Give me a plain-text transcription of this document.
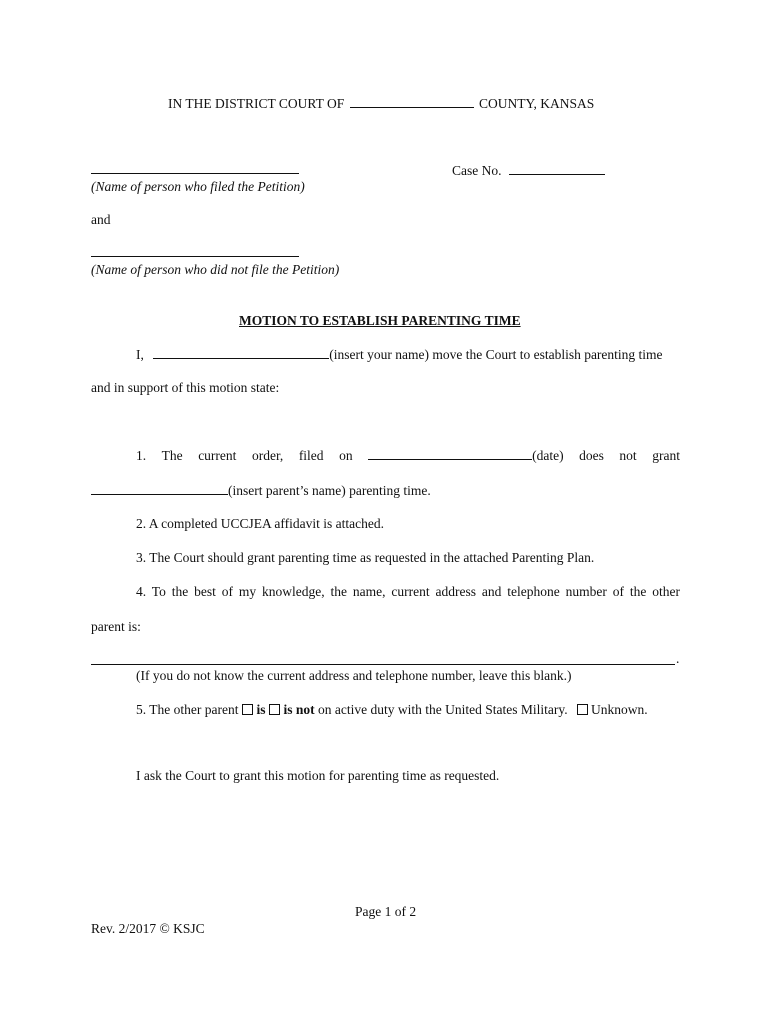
IN THE DISTRICT COURT OF	COUNTY, KANSAS
(Name of person who filed the Petition)
Case No.
and
(Name of person who did not file the Petition)
MOTION TO ESTABLISH PARENTING TIME
I,	(insert your name) move the Court to establish parenting time
and in support of this motion state:
1. The current order, filed on	(date) does not grant
(insert parent’s name) parenting time.
2. A completed UCCJEA affidavit is attached.
3. The Court should grant parenting time as requested in the attached Parenting Plan.
4. To the best of my knowledge, the name, current address and telephone number of the other
parent is:
.
(If you do not know the current address and telephone number, leave this blank.)
5. The other parent is is not on active duty with the United States Military. Unknown.
I ask the Court to grant this motion for parenting time as requested.
Page 1 of 2
Rev. 2/2017 © KSJC
